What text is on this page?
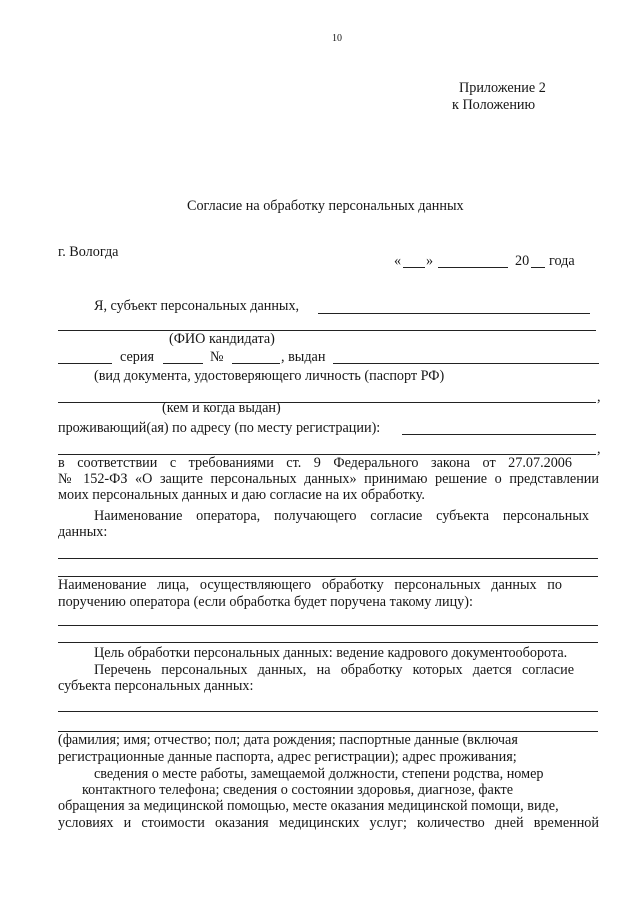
10
Приложение 2
к Положению
Согласие на обработку персональных данных
г. Вологда
« »	20 года
Я, субъект персональных данных,
(ФИО кандидата)
серия	№	, выдан
(вид документа, удостоверяющего личность (паспорт РФ)
,
(кем и когда выдан)
проживающий(ая) по адресу (по месту регистрации):
,
в соответствии с требованиями ст. 9 Федерального закона от 27.07.2006
№ 152-ФЗ «О защите персональных данных» принимаю решение о представлении
моих персональных данных и даю согласие на их обработку.
Наименование оператора, получающего согласие субъекта персональных
данных:
Наименование лица, осуществляющего обработку персональных данных по
поручению оператора (если обработка будет поручена такому лицу):
Цель обработки персональных данных: ведение кадрового документооборота.
Перечень персональных данных, на обработку которых дается согласие
субъекта персональных данных:
(фамилия; имя; отчество; пол; дата рождения; паспортные данные (включая
регистрационные данные паспорта, адрес регистрации); адрес проживания;
сведения о месте работы, замещаемой должности, степени родства, номер
контактного телефона; сведения о состоянии здоровья, диагнозе, факте
обращения за медицинской помощью, месте оказания медицинской помощи, виде,
условиях и стоимости оказания медицинских услуг; количество дней временной
